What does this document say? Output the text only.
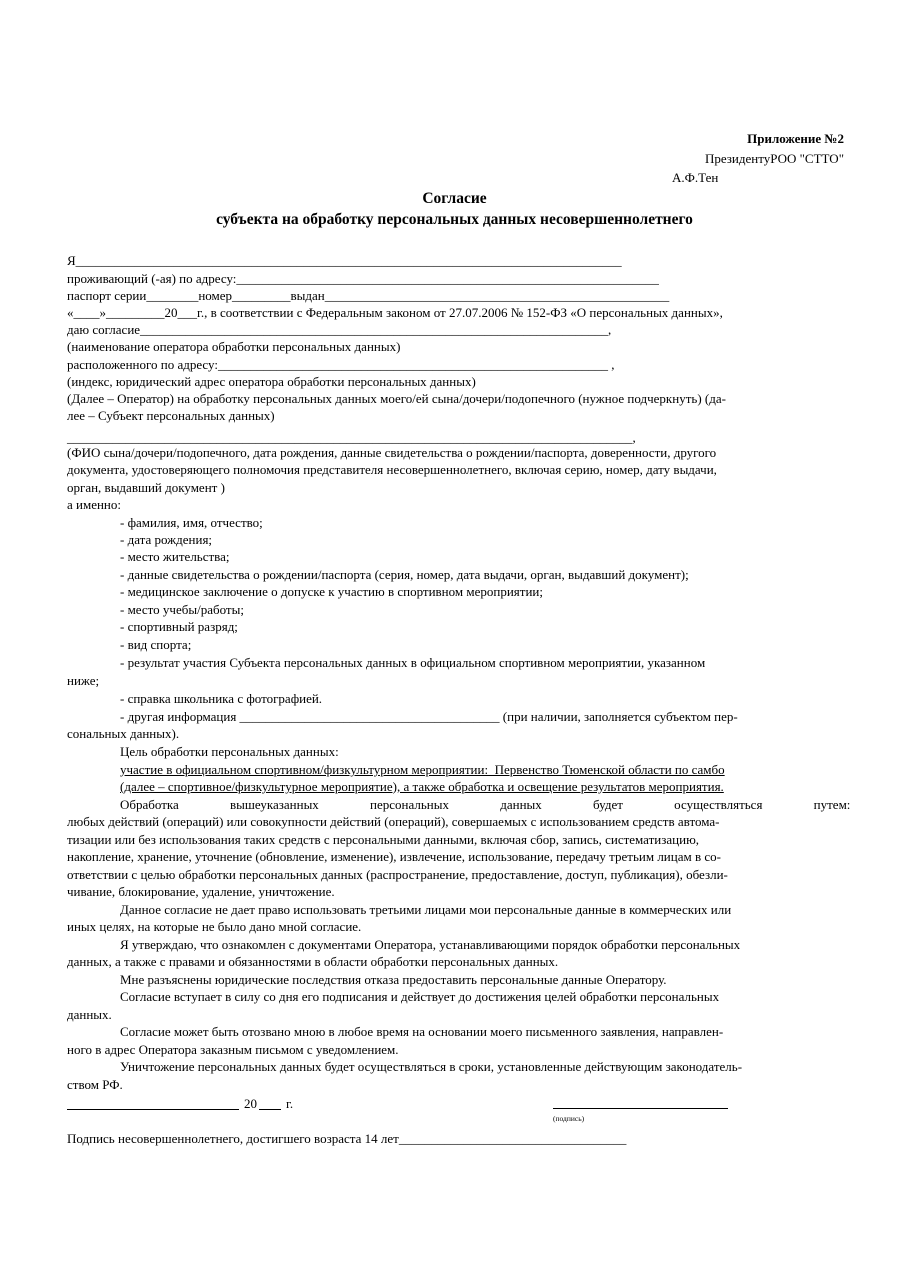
Приложение №2
ПрезидентуРОО "СТТО"
А.Ф.Тен
Согласие
субъекта на обработку персональных данных несовершеннолетнего
Я____________________________________________________________________________________
проживающий (-ая) по адресу:_________________________________________________________________
паспорт серии________номер_________выдан_____________________________________________________
«____»_________20___г., в соответствии с Федеральным законом от 27.07.2006 № 152-ФЗ «О персональных данных»,
даю согласие________________________________________________________________________,
(наименование оператора обработки персональных данных)
расположенного по адресу:____________________________________________________________ ,
(индекс, юридический адрес оператора обработки персональных данных)
(Далее – Оператор) на обработку персональных данных моего/ей сына/дочери/подопечного (нужное подчеркнуть) (да-
лее – Субъект персональных данных)
_______________________________________________________________________________________,
(ФИО сына/дочери/подопечного, дата рождения, данные свидетельства о рождении/паспорта, доверенности, другого
документа, удостоверяющего полномочия представителя несовершеннолетнего, включая серию, номер, дату выдачи,
орган, выдавший документ )
а именно:
- фамилия, имя, отчество;
- дата рождения;
- место жительства;
- данные свидетельства о рождении/паспорта (серия, номер, дата выдачи, орган, выдавший документ);
- медицинское заключение о допуске к участию в спортивном мероприятии;
- место учебы/работы;
- спортивный разряд;
- вид спорта;
- результат участия Субъекта персональных данных в официальном спортивном мероприятии, указанном
ниже;
- справка школьника с фотографией.
- другая информация ________________________________________ (при наличии, заполняется субъектом пер-
сональных данных).
Цель обработки персональных данных:
участие в официальном спортивном/физкультурном мероприятии:  Первенство Тюменской области по самбо
(далее – спортивное/физкультурное мероприятие), а также обработка и освещение результатов мероприятия.
Обработка вышеуказанных персональных данных будет осуществляться путем:
любых действий (операций) или совокупности действий (операций), совершаемых с использованием средств автома-
тизации или без использования таких средств с персональными данными, включая сбор, запись, систематизацию,
накопление, хранение, уточнение (обновление, изменение), извлечение, использование, передачу третьим лицам в со-
ответствии с целью обработки персональных данных (распространение, предоставление, доступ, публикация), обезли-
чивание, блокирование, удаление, уничтожение.
Данное согласие не дает право использовать третьими лицами мои персональные данные в коммерческих или
иных целях, на которые не было дано мной согласие.
Я утверждаю, что ознакомлен с документами Оператора, устанавливающими порядок обработки персональных
данных, а также с правами и обязанностями в области обработки персональных данных.
Мне разъяснены юридические последствия отказа предоставить персональные данные Оператору.
Согласие вступает в силу со дня его подписания и действует до достижения целей обработки персональных
данных.
Согласие может быть отозвано мною в любое время на основании моего письменного заявления, направлен-
ного в адрес Оператора заказным письмом с уведомлением.
Уничтожение персональных данных будет осуществляться в сроки, установленные действующим законодатель-
ством РФ.
20 г.
(подпись)
Подпись несовершеннолетнего, достигшего возраста 14 лет___________________________________
